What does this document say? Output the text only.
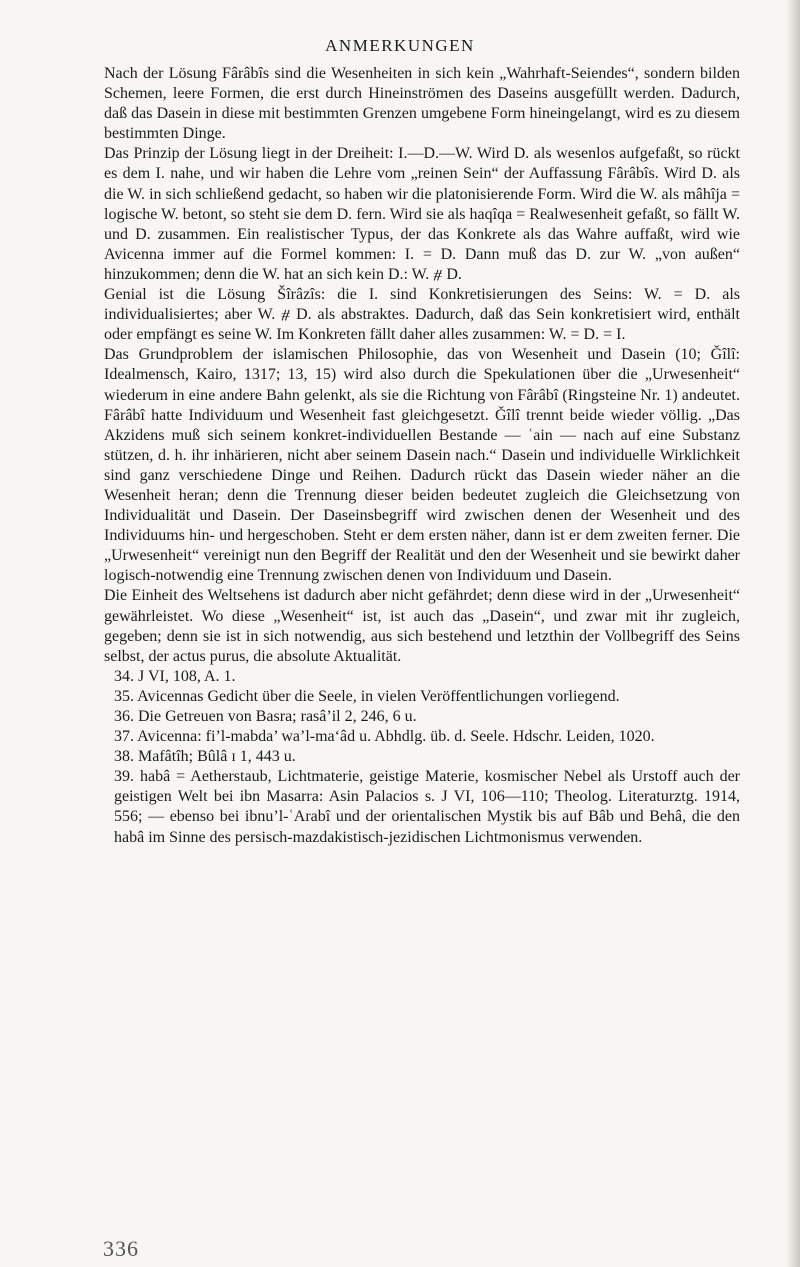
ANMERKUNGEN

Nach der Lösung Fârâbîs sind die Wesenheiten in sich kein „Wahrhaft-Seiendes“, sondern bilden Schemen, leere Formen, die erst durch Hineinströmen des Daseins ausgefüllt werden. Dadurch, daß das Dasein in diese mit bestimmten Grenzen umgebene Form hineingelangt, wird es zu diesem bestimmten Dinge.

Das Prinzip der Lösung liegt in der Dreiheit: I.—D.—W. Wird D. als wesenlos aufgefaßt, so rückt es dem I. nahe, und wir haben die Lehre vom „reinen Sein“ der Auffassung Fârâbîs. Wird D. als die W. in sich schließend gedacht, so haben wir die platonisierende Form. Wird die W. als mâhîja = logische W. betont, so steht sie dem D. fern. Wird sie als haqîqa = Realwesenheit gefaßt, so fällt W. und D. zusammen. Ein realistischer Typus, der das Konkrete als das Wahre auffaßt, wird wie Avicenna immer auf die Formel kommen: I. = D. Dann muß das D. zur W. „von außen“ hinzukommen; denn die W. hat an sich kein D.: W. ⧣ D.

Genial ist die Lösung Šîrâzîs: die I. sind Konkretisierungen des Seins: W. = D. als individualisiertes; aber W. ⧣ D. als abstraktes. Dadurch, daß das Sein konkretisiert wird, enthält oder empfängt es seine W. Im Konkreten fällt daher alles zusammen: W. = D. = I.

Das Grundproblem der islamischen Philosophie, das von Wesenheit und Dasein (10; Ǧîlî: Idealmensch, Kairo, 1317; 13, 15) wird also durch die Spekulationen über die „Urwesenheit“ wiederum in eine andere Bahn gelenkt, als sie die Richtung von Fârâbî (Ringsteine Nr. 1) andeutet. Fârâbî hatte Individuum und Wesenheit fast gleichgesetzt. Ǧîlî trennt beide wieder völlig. „Das Akzidens muß sich seinem konkret-individuellen Bestande — ʿain — nach auf eine Substanz stützen, d. h. ihr inhärieren, nicht aber seinem Dasein nach.“ Dasein und individuelle Wirklichkeit sind ganz verschiedene Dinge und Reihen. Dadurch rückt das Dasein wieder näher an die Wesenheit heran; denn die Trennung dieser beiden bedeutet zugleich die Gleichsetzung von Individualität und Dasein. Der Daseinsbegriff wird zwischen denen der Wesenheit und des Individuums hin- und hergeschoben. Steht er dem ersten näher, dann ist er dem zweiten ferner. Die „Urwesenheit“ vereinigt nun den Begriff der Realität und den der Wesenheit und sie bewirkt daher logisch-notwendig eine Trennung zwischen denen von Individuum und Dasein.

Die Einheit des Weltsehens ist dadurch aber nicht gefährdet; denn diese wird in der „Urwesenheit“ gewährleistet. Wo diese „Wesenheit“ ist, ist auch das „Dasein“, und zwar mit ihr zugleich, gegeben; denn sie ist in sich notwendig, aus sich bestehend und letzthin der Vollbegriff des Seins selbst, der actus purus, die absolute Aktualität.

34. J VI, 108, A. 1.

35. Avicennas Gedicht über die Seele, in vielen Veröffentlichungen vorliegend.

36. Die Getreuen von Basra; rasâ’il 2, 246, 6 u.

37. Avicenna: fi’l-mabda’ wa’l-ma‘âd u. Abhdlg. üb. d. Seele. Hdschr. Leiden, 1020.

38. Mafâtîh; Bûlâ ɪ 1, 443 u.

39. habâ = Aetherstaub, Lichtmaterie, geistige Materie, kosmischer Nebel als Urstoff auch der geistigen Welt bei ibn Masarra: Asin Palacios s. J VI, 106—110; Theolog. Literaturztg. 1914, 556; — ebenso bei ibnu’l-ʿArabî und der orientalischen Mystik bis auf Bâb und Behâ, die den habâ im Sinne des persisch-mazdakistisch-jezidischen Lichtmonismus verwenden.

336
